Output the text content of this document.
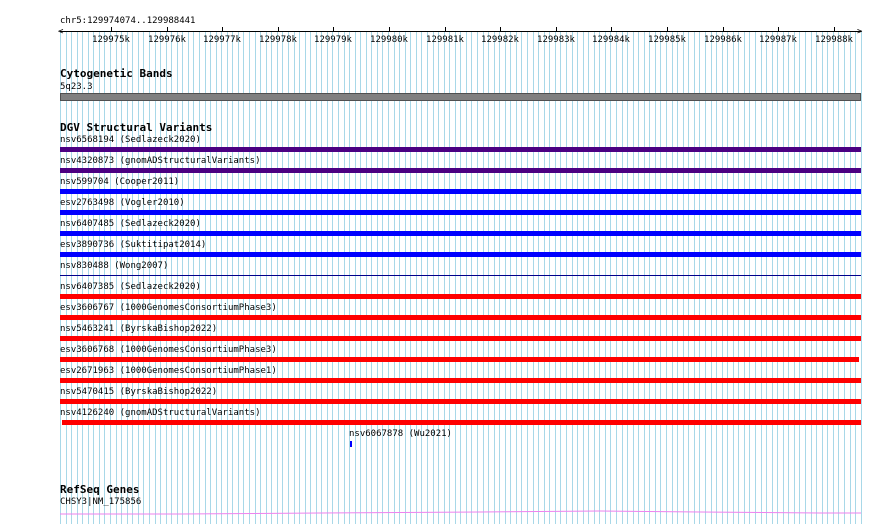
chr5:129974074..129988441
<	>
129975k 129976k 129977k 129978k 129979k 129980k 129981k 129982k 129983k 129984k 129985k 129986k 129987k 129988k
Cytogenetic Bands
5q23.3
DGV Structural Variants
nsv6568194 (Sedlazeck2020)
nsv4320873 (gnomADStructuralVariants)
nsv599704 (Cooper2011)
esv2763498 (Vogler2010)
nsv6407485 (Sedlazeck2020)
esv3890736 (Suktitipat2014)
nsv830488 (Wong2007)
nsv6407385 (Sedlazeck2020)
esv3606767 (1000GenomesConsortiumPhase3)
nsv5463241 (ByrskaBishop2022)
esv3606768 (1000GenomesConsortiumPhase3)
esv2671963 (1000GenomesConsortiumPhase1)
nsv5470415 (ByrskaBishop2022)
nsv4126240 (gnomADStructuralVariants)
nsv6067878 (Wu2021)
RefSeq Genes
CHSY3|NM_175856
